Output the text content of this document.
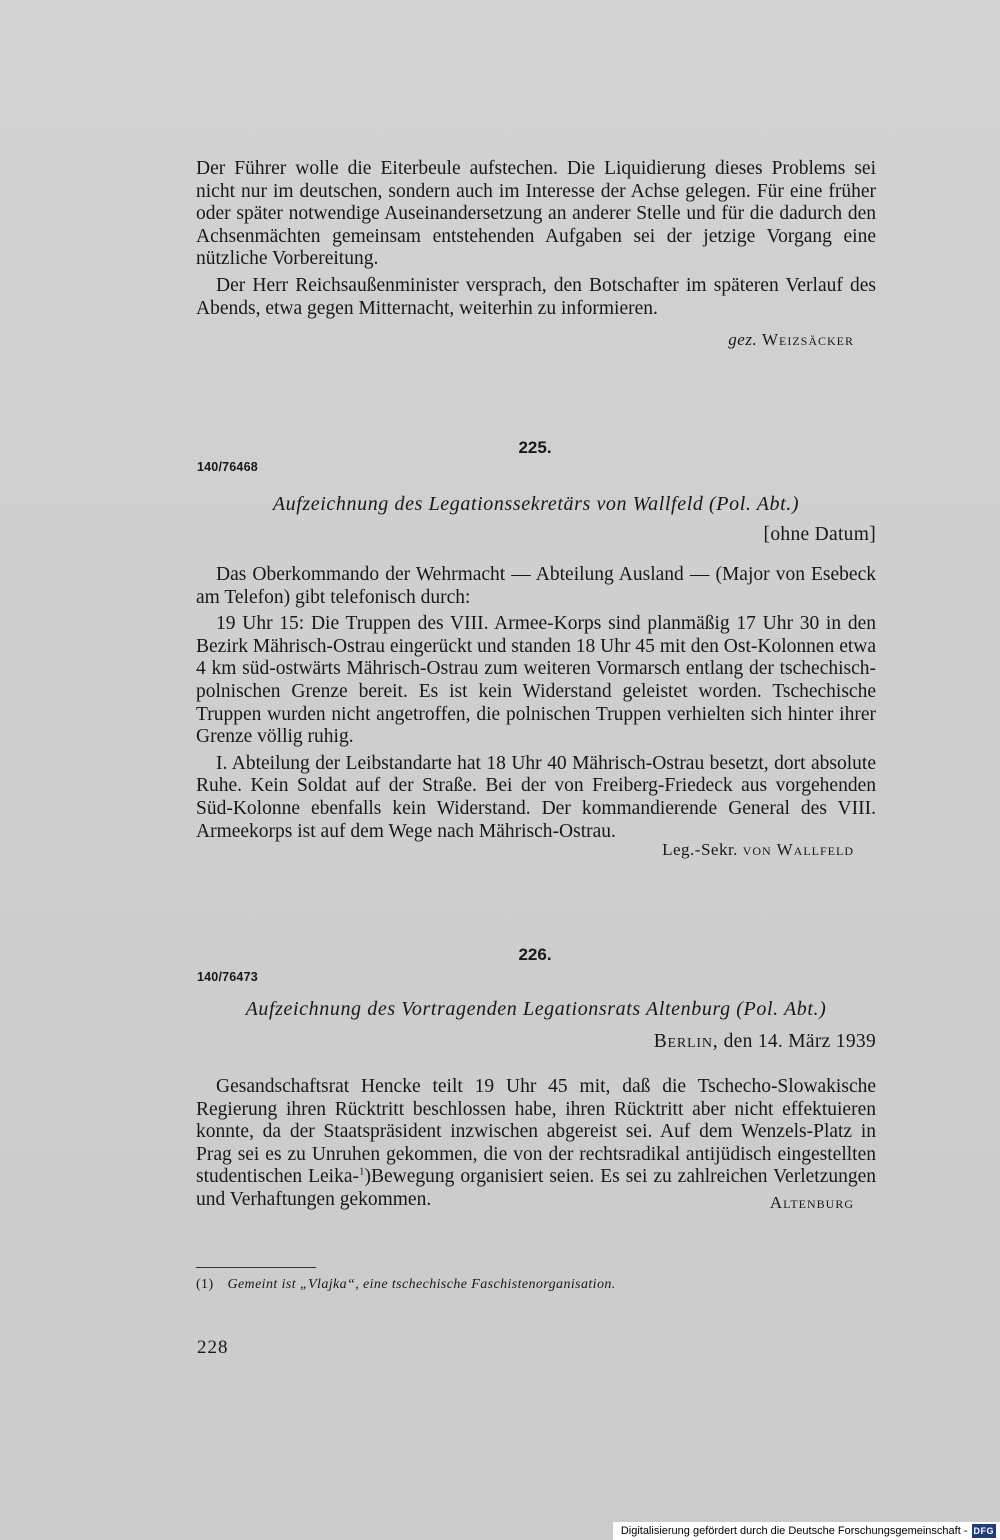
Der Führer wolle die Eiterbeule aufstechen. Die Liquidierung dieses Problems sei nicht nur im deutschen, sondern auch im Interesse der Achse gelegen. Für eine früher oder später notwendige Auseinandersetzung an anderer Stelle und für die dadurch den Achsenmächten gemeinsam entstehenden Aufgaben sei der jetzige Vorgang eine nützliche Vorbereitung.

Der Herr Reichsaußenminister versprach, den Botschafter im späteren Verlauf des Abends, etwa gegen Mitternacht, weiterhin zu informieren.

gez. Weizsäcker
225.
140/76468
Aufzeichnung des Legationssekretärs von Wallfeld (Pol. Abt.)
[ohne Datum]

Das Oberkommando der Wehrmacht — Abteilung Ausland — (Major von Esebeck am Telefon) gibt telefonisch durch:

19 Uhr 15: Die Truppen des VIII. Armee-Korps sind planmäßig 17 Uhr 30 in den Bezirk Mährisch-Ostrau eingerückt und standen 18 Uhr 45 mit den Ost-Kolonnen etwa 4 km süd-ostwärts Mährisch-Ostrau zum weiteren Vormarsch entlang der tschechisch-polnischen Grenze bereit. Es ist kein Widerstand geleistet worden. Tschechische Truppen wurden nicht angetroffen, die polnischen Truppen verhielten sich hinter ihrer Grenze völlig ruhig.

I. Abteilung der Leibstandarte hat 18 Uhr 40 Mährisch-Ostrau besetzt, dort absolute Ruhe. Kein Soldat auf der Straße. Bei der von Freiberg-Friedeck aus vorgehenden Süd-Kolonne ebenfalls kein Widerstand. Der kommandierende General des VIII. Armeekorps ist auf dem Wege nach Mährisch-Ostrau.

Leg.-Sekr. von Wallfeld
226.
140/76473
Aufzeichnung des Vortragenden Legationsrats Altenburg (Pol. Abt.)
Berlin, den 14. März 1939

Gesandschaftsrat Hencke teilt 19 Uhr 45 mit, daß die Tschecho-Slowakische Regierung ihren Rücktritt beschlossen habe, ihren Rücktritt aber nicht effektuieren konnte, da der Staatspräsident inzwischen abgereist sei. Auf dem Wenzels-Platz in Prag sei es zu Unruhen gekommen, die von der rechtsradikal antijüdisch eingestellten studentischen Leika-$^1$)Bewegung organisiert seien. Es sei zu zahlreichen Verletzungen und Verhaftungen gekommen.	Altenburg
(1) Gemeint ist „Vlajka“, eine tschechische Faschistenorganisation.
228
Digitalisierung gefördert durch die Deutsche Forschungsgemeinschaft - DFG
